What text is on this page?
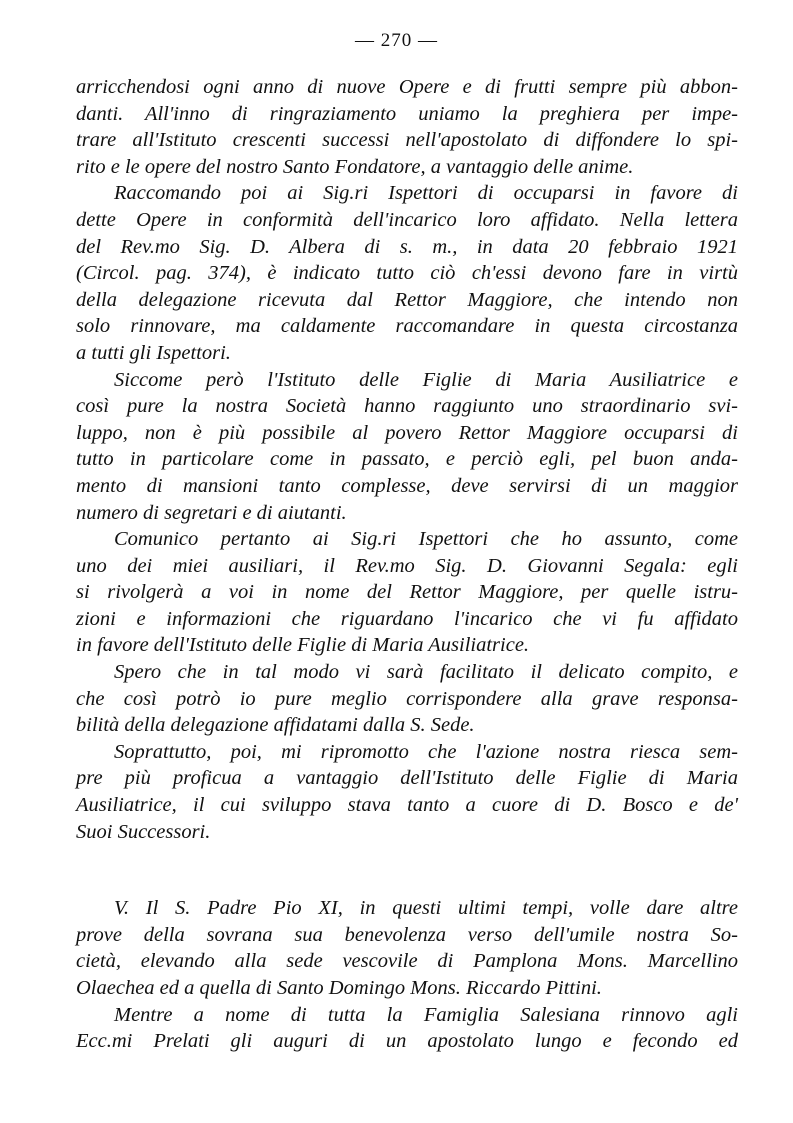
— 270 —
arricchendosi ogni anno di nuove Opere e di frutti sempre più abbon-
danti. All'inno di ringraziamento uniamo la preghiera per impe-
trare all'Istituto crescenti successi nell'apostolato di diffondere lo spi-
rito e le opere del nostro Santo Fondatore, a vantaggio delle anime.
Raccomando poi ai Sig.ri Ispettori di occuparsi in favore di
dette Opere in conformità dell'incarico loro affidato. Nella lettera
del Rev.mo Sig. D. Albera di s. m., in data 20 febbraio 1921
(Circol. pag. 374), è indicato tutto ciò ch'essi devono fare in virtù
della delegazione ricevuta dal Rettor Maggiore, che intendo non
solo rinnovare, ma caldamente raccomandare in questa circostanza
a tutti gli Ispettori.
Siccome però l'Istituto delle Figlie di Maria Ausiliatrice e
così pure la nostra Società hanno raggiunto uno straordinario svi-
luppo, non è più possibile al povero Rettor Maggiore occuparsi di
tutto in particolare come in passato, e perciò egli, pel buon anda-
mento di mansioni tanto complesse, deve servirsi di un maggior
numero di segretari e di aiutanti.
Comunico pertanto ai Sig.ri Ispettori che ho assunto, come
uno dei miei ausiliari, il Rev.mo Sig. D. Giovanni Segala: egli
si rivolgerà a voi in nome del Rettor Maggiore, per quelle istru-
zioni e informazioni che riguardano l'incarico che vi fu affidato
in favore dell'Istituto delle Figlie di Maria Ausiliatrice.
Spero che in tal modo vi sarà facilitato il delicato compito, e
che così potrò io pure meglio corrispondere alla grave responsa-
bilità della delegazione affidatami dalla S. Sede.
Soprattutto, poi, mi ripromotto che l'azione nostra riesca sem-
pre più proficua a vantaggio dell'Istituto delle Figlie di Maria
Ausiliatrice, il cui sviluppo stava tanto a cuore di D. Bosco e de'
Suoi Successori.
V. Il S. Padre Pio XI, in questi ultimi tempi, volle dare altre
prove della sovrana sua benevolenza verso dell'umile nostra So-
cietà, elevando alla sede vescovile di Pamplona Mons. Marcellino
Olaechea ed a quella di Santo Domingo Mons. Riccardo Pittini.
Mentre a nome di tutta la Famiglia Salesiana rinnovo agli
Ecc.mi Prelati gli auguri di un apostolato lungo e fecondo ed
